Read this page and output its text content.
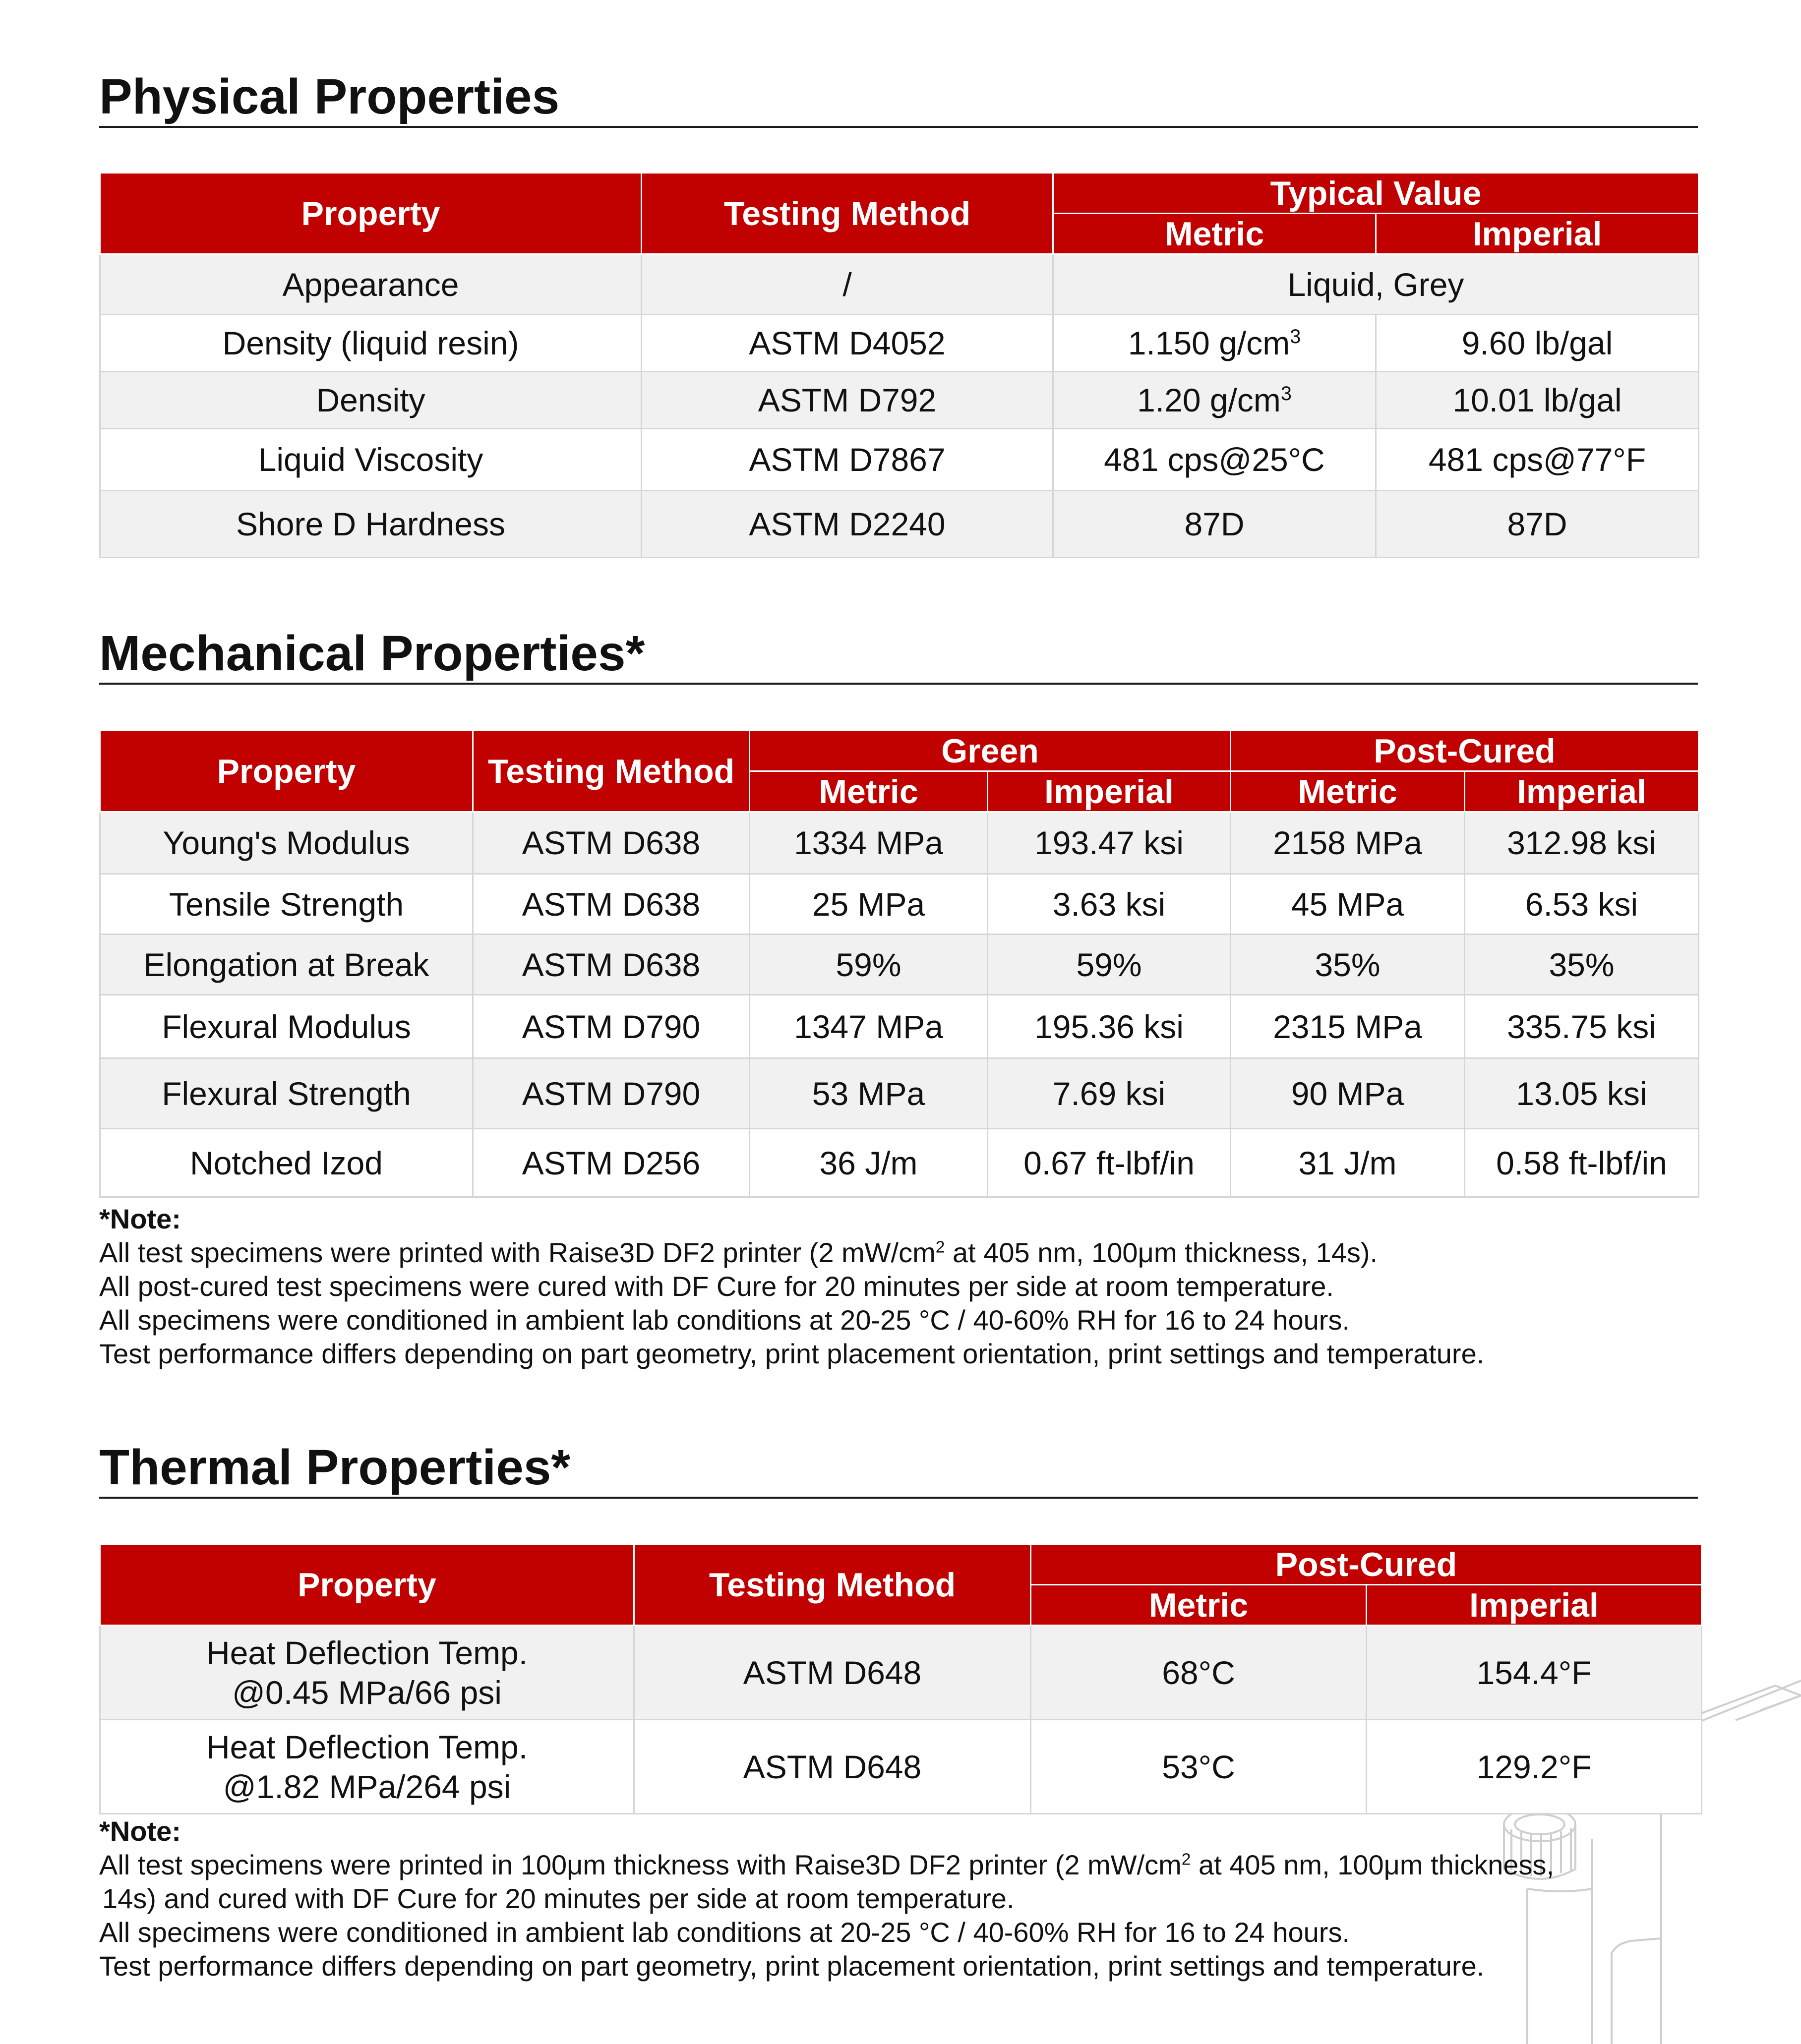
Physical Properties
Property	Testing Method	Typical Value	
		Metric	Imperial
Appearance	/	Liquid, Grey	
Density (liquid resin)	ASTM D4052	1.150 $g/cm^3$	9.60 lb/gal
Density	ASTM D792	1.20 $g/cm^3$	10.01 lb/gal
Liquid Viscosity	ASTM D7867	481 cps@25°C	481 cps@77°F
Shore D Hardness	ASTM D2240	87D	87D
Mechanical Properties*
Property	Testing Method	Green		Post-Cured	
		Metric	Imperial	Metric	Imperial
Young's Modulus	ASTM D638	1334 MPa	193.47 ksi	2158 MPa	312.98 ksi
Tensile Strength	ASTM D638	25 MPa	3.63 ksi	45 MPa	6.53 ksi
Elongation at Break	ASTM D638	59%	59%	35%	35%
Flexural Modulus	ASTM D790	1347 MPa	195.36 ksi	2315 MPa	335.75 ksi
Flexural Strength	ASTM D790	53 MPa	7.69 ksi	90 MPa	13.05 ksi
Notched Izod	ASTM D256	36 J/m	0.67 ft-lbf/in	31 J/m	0.58 ft-lbf/in

*Note:

All test specimens were printed with Raise3D DF2 printer (2 $mW/cm^2$ at 405 nm, 100μm thickness, 14s).

All post-cured test specimens were cured with DF Cure for 20 minutes per side at room temperature.

All specimens were conditioned in ambient lab conditions at 20-25 °C / 40-60% RH for 16 to 24 hours.

Test performance differs depending on part geometry, print placement orientation, print settings and temperature.

Thermal Properties*
Property	Testing Method	Post-Cured	
		Metric	Imperial

Heat Deflection Temp.
@0.45 MPa/66 psi	ASTM D648	68°C	154.4°F

Heat Deflection Temp.
@1.82 MPa/264 psi	ASTM D648	53°C	129.2°F

*Note:

All test specimens were printed in 100μm thickness with Raise3D DF2 printer (2 $mW/cm^2$ at 405 nm, 100μm thickness,

14s) and cured with DF Cure for 20 minutes per side at room temperature.

All specimens were conditioned in ambient lab conditions at 20-25 °C / 40-60% RH for 16 to 24 hours.

Test performance differs depending on part geometry, print placement orientation, print settings and temperature.
